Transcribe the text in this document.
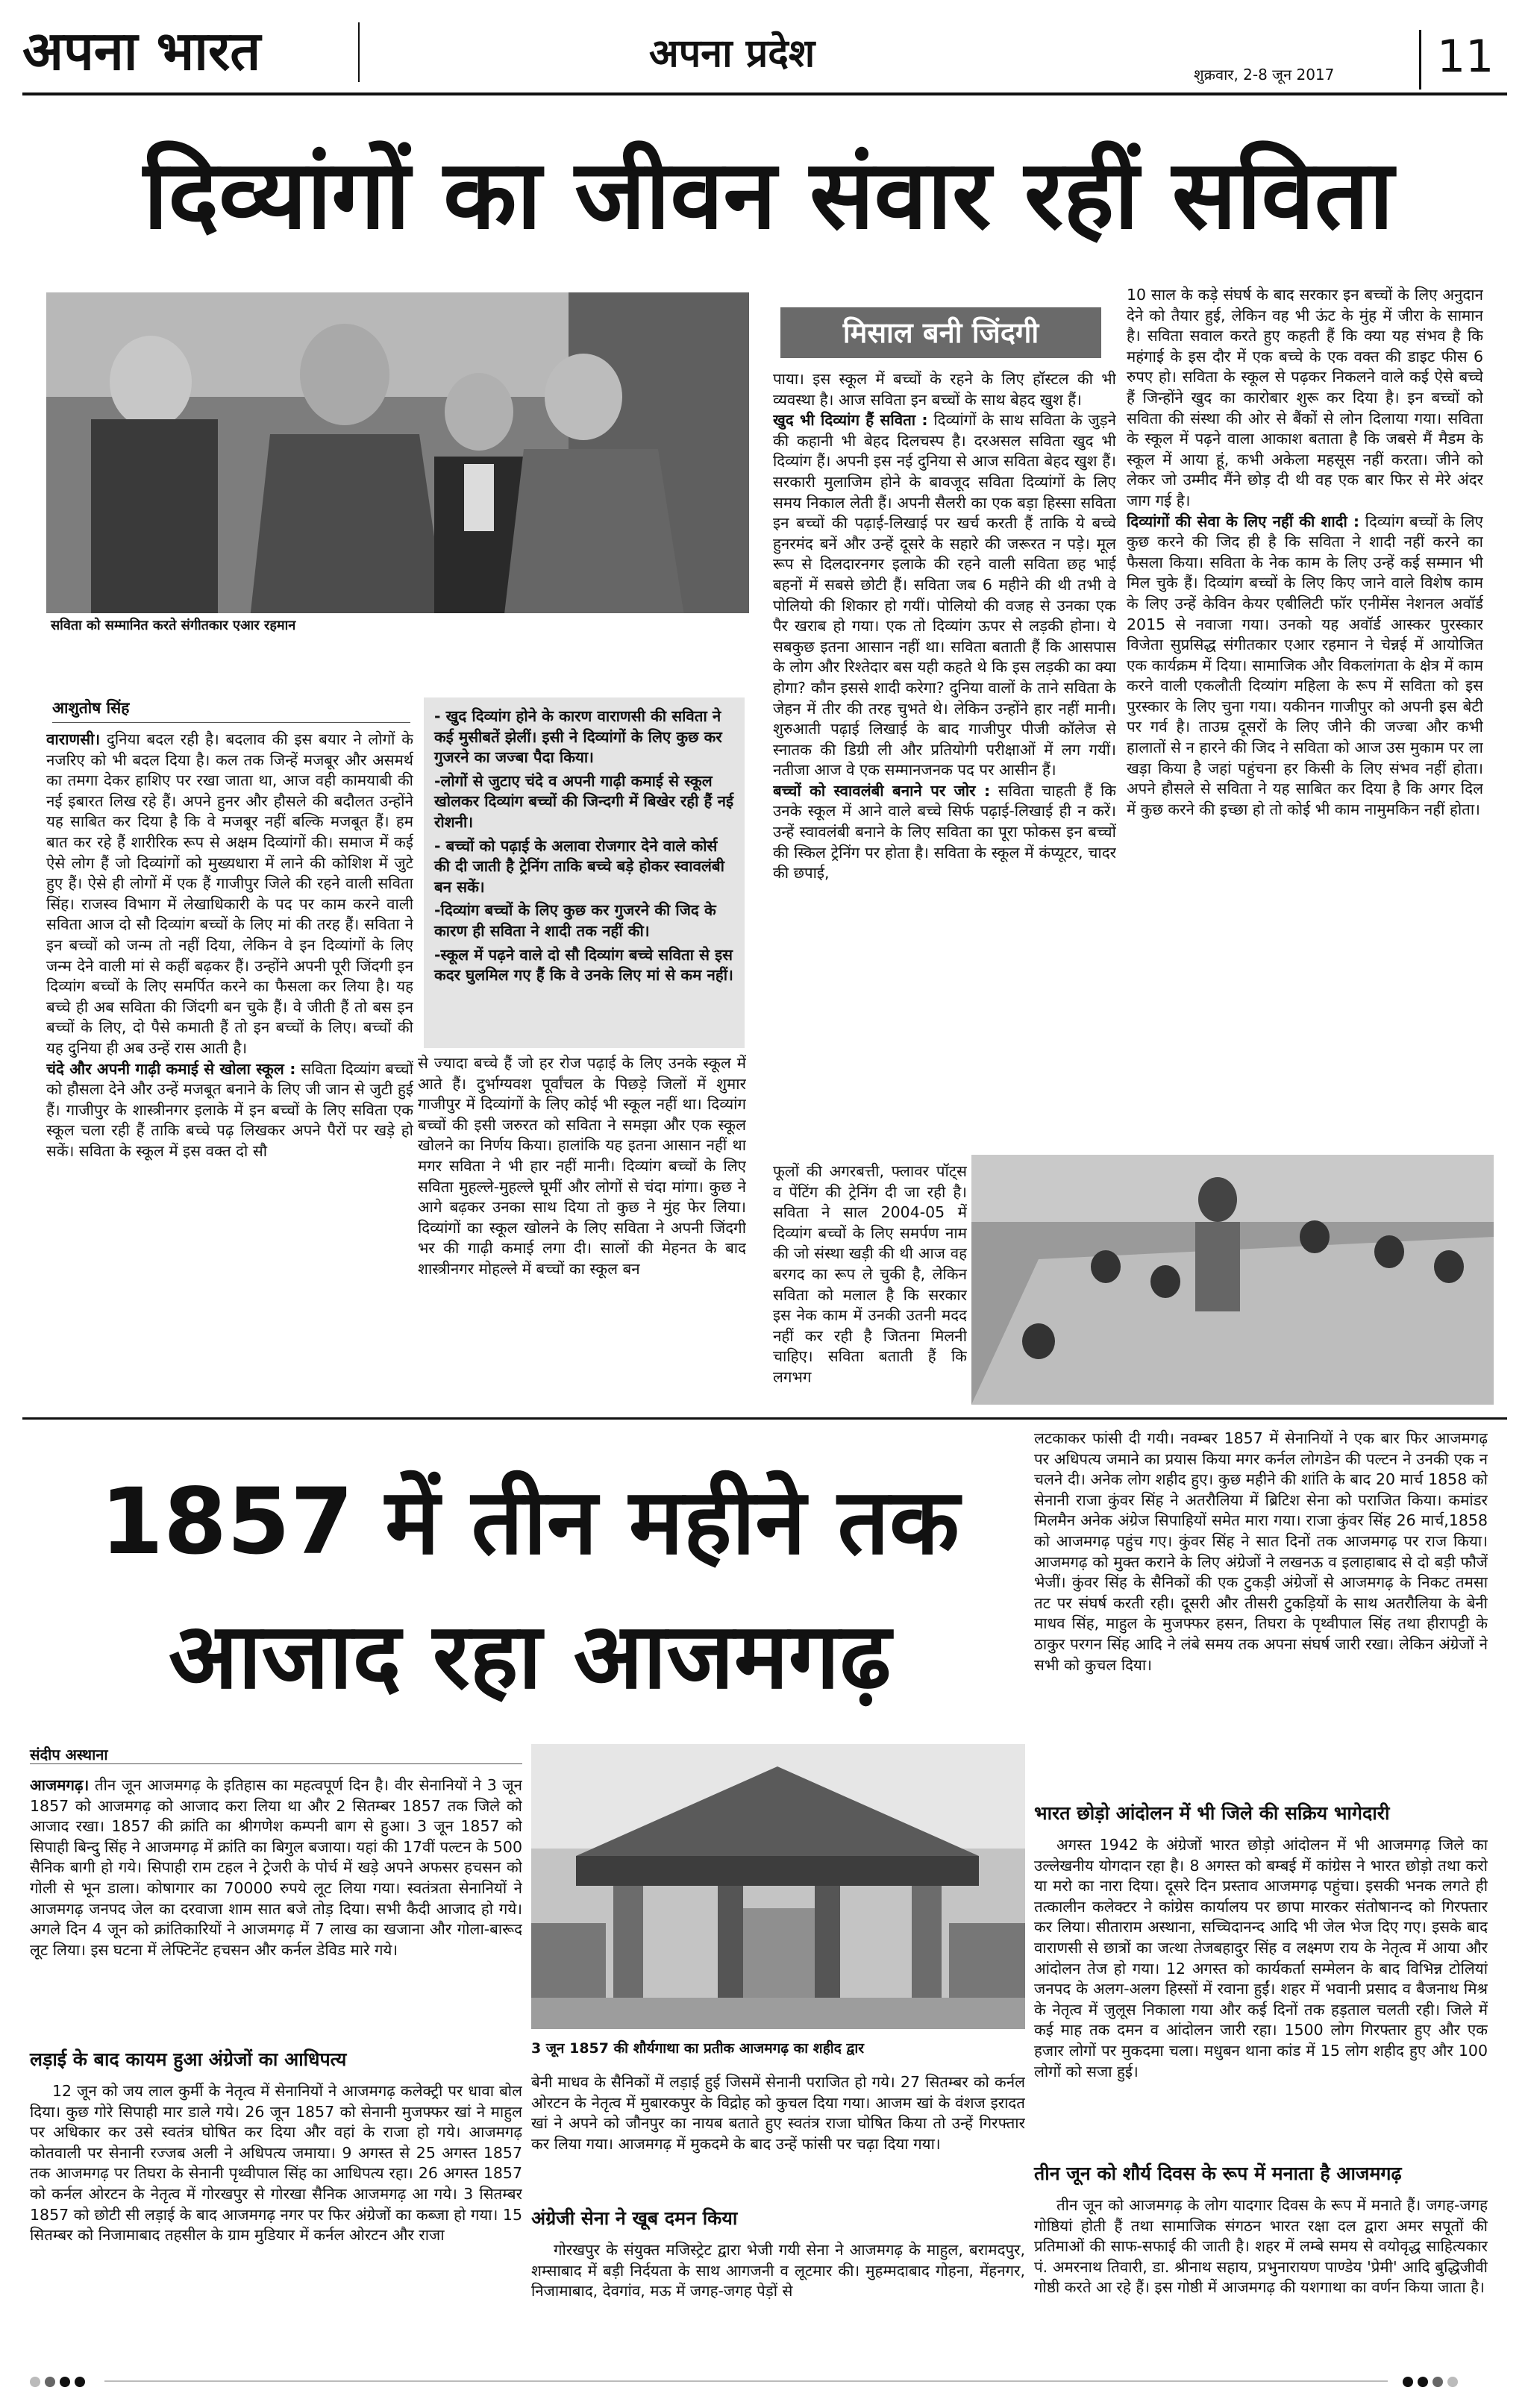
अपना भारत	अपना प्रदेश	शुक्रवार, 2-8 जून 2017 11
दिव्यांगों का जीवन संवार रहीं सविता
सविता को सम्मानित करते संगीतकार एआर रहमान
आशुतोष सिंह

वाराणसी। दुनिया बदल रही है। बदलाव की इस बयार ने लोगों के नजरिए को भी बदल दिया है। कल तक जिन्हें मजबूर और असमर्थ का तमगा देकर हाशिए पर रखा जाता था, आज वही कामयाबी की नई इबारत लिख रहे हैं। अपने हुनर और हौसले की बदौलत उन्होंने यह साबित कर दिया है कि वे मजबूर नहीं बल्कि मजबूत हैं। हम बात कर रहे हैं शारीरिक रूप से अक्षम दिव्यांगों की। समाज में कई ऐसे लोग हैं जो दिव्यांगों को मुख्यधारा में लाने की कोशिश में जुटे हुए हैं। ऐसे ही लोगों में एक हैं गाजीपुर जिले की रहने वाली सविता सिंह। राजस्व विभाग में लेखाधिकारी के पद पर काम करने वाली सविता आज दो सौ दिव्यांग बच्चों के लिए मां की तरह हैं। सविता ने इन बच्चों को जन्म तो नहीं दिया, लेकिन वे इन दिव्यांगों के लिए जन्म देने वाली मां से कहीं बढ़कर हैं। उन्होंने अपनी पूरी जिंदगी इन दिव्यांग बच्चों के लिए समर्पित करने का फैसला कर लिया है। यह बच्चे ही अब सविता की जिंदगी बन चुके हैं। वे जीती हैं तो बस इन बच्चों के लिए, दो पैसे कमाती हैं तो इन बच्चों के लिए। बच्चों की यह दुनिया ही अब उन्हें रास आती है।

चंदे और अपनी गाढ़ी कमाई से खोला स्कूल : सविता दिव्यांग बच्चों को हौसला देने और उन्हें मजबूत बनाने के लिए जी जान से जुटी हुई हैं। गाजीपुर के शास्त्रीनगर इलाके में इन बच्चों के लिए सविता एक स्कूल चला रही हैं ताकि बच्चे पढ़ लिखकर अपने पैरों पर खड़े हो सकें। सविता के स्कूल में इस वक्त दो सौ

- खुद दिव्यांग होने के कारण वाराणसी की सविता ने कई मुसीबतें झेलीं। इसी ने दिव्यांगों के लिए कुछ कर गुजरने का जज्बा पैदा किया।
-लोगों से जुटाए चंदे व अपनी गाढ़ी कमाई से स्कूल खोलकर दिव्यांग बच्चों की जिन्दगी में बिखेर रही हैं नई रोशनी।
- बच्चों को पढ़ाई के अलावा रोजगार देने वाले कोर्स की दी जाती है ट्रेनिंग ताकि बच्चे बड़े होकर स्वावलंबी बन सकें।
-दिव्यांग बच्चों के लिए कुछ कर गुजरने की जिद के कारण ही सविता ने शादी तक नहीं की।
-स्कूल में पढ़ने वाले दो सौ दिव्यांग बच्चे सविता से इस कदर घुलमिल गए हैं कि वे उनके लिए मां से कम नहीं।

से ज्यादा बच्चे हैं जो हर रोज पढ़ाई के लिए उनके स्कूल में आते हैं। दुर्भाग्यवश पूर्वांचल के पिछड़े जिलों में शुमार गाजीपुर में दिव्यांगों के लिए कोई भी स्कूल नहीं था। दिव्यांग बच्चों की इसी जरुरत को सविता ने समझा और एक स्कूल खोलने का निर्णय किया। हालांकि यह इतना आसान नहीं था मगर सविता ने भी हार नहीं मानी। दिव्यांग बच्चों के लिए सविता मुहल्ले-मुहल्ले घूमीं और लोगों से चंदा मांगा। कुछ ने आगे बढ़कर उनका साथ दिया तो कुछ ने मुंह फेर लिया। दिव्यांगों का स्कूल खोलने के लिए सविता ने अपनी जिंदगी भर की गाढ़ी कमाई लगा दी। सालों की मेहनत के बाद शास्त्रीनगर मोहल्ले में बच्चों का स्कूल बन

मिसाल बनी जिंदगी

पाया। इस स्कूल में बच्चों के रहने के लिए हॉस्टल की भी व्यवस्था है। आज सविता इन बच्चों के साथ बेहद खुश हैं।

खुद भी दिव्यांग हैं सविता : दिव्यांगों के साथ सविता के जुड़ने की कहानी भी बेहद दिलचस्प है। दरअसल सविता खुद भी दिव्यांग हैं। अपनी इस नई दुनिया से आज सविता बेहद खुश हैं। सरकारी मुलाजिम होने के बावजूद सविता दिव्यांगों के लिए समय निकाल लेती हैं। अपनी सैलरी का एक बड़ा हिस्सा सविता इन बच्चों की पढ़ाई-लिखाई पर खर्च करती हैं ताकि ये बच्चे हुनरमंद बनें और उन्हें दूसरे के सहारे की जरूरत न पड़े। मूल रूप से दिलदारनगर इलाके की रहने वाली सविता छह भाई बहनों में सबसे छोटी हैं। सविता जब 6 महीने की थी तभी वे पोलियो की शिकार हो गयीं। पोलियो की वजह से उनका एक पैर खराब हो गया। एक तो दिव्यांग ऊपर से लड़की होना। ये सबकुछ इतना आसान नहीं था। सविता बताती हैं कि आसपास के लोग और रिश्तेदार बस यही कहते थे कि इस लड़की का क्या होगा? कौन इससे शादी करेगा? दुनिया वालों के ताने सविता के जेहन में तीर की तरह चुभते थे। लेकिन उन्होंने हार नहीं मानी। शुरुआती पढ़ाई लिखाई के बाद गाजीपुर पीजी कॉलेज से स्नातक की डिग्री ली और प्रतियोगी परीक्षाओं में लग गयीं। नतीजा आज वे एक सम्मानजनक पद पर आसीन हैं।

बच्चों को स्वावलंबी बनाने पर जोर : सविता चाहती हैं कि उनके स्कूल में आने वाले बच्चे सिर्फ पढ़ाई-लिखाई ही न करें। उन्हें स्वावलंबी बनाने के लिए सविता का पूरा फोकस इन बच्चों की स्किल ट्रेनिंग पर होता है। सविता के स्कूल में कंप्यूटर, चादर की छपाई,

फूलों की अगरबत्ती, फ्लावर पॉट्स व पेंटिंग की ट्रेनिंग दी जा रही है। सविता ने साल 2004-05 में दिव्यांग बच्चों के लिए समर्पण नाम की जो संस्था खड़ी की थी आज वह बरगद का रूप ले चुकी है, लेकिन सविता को मलाल है कि सरकार इस नेक काम में उनकी उतनी मदद नहीं कर रही है जितना मिलनी चाहिए। सविता बताती हैं कि लगभग

10 साल के कड़े संघर्ष के बाद सरकार इन बच्चों के लिए अनुदान देने को तैयार हुई, लेकिन वह भी ऊंट के मुंह में जीरा के सामान है। सविता सवाल करते हुए कहती हैं कि क्या यह संभव है कि महंगाई के इस दौर में एक बच्चे के एक वक्त की डाइट फीस 6 रुपए हो। सविता के स्कूल से पढ़कर निकलने वाले कई ऐसे बच्चे हैं जिन्होंने खुद का कारोबार शुरू कर दिया है। इन बच्चों को सविता की संस्था की ओर से बैंकों से लोन दिलाया गया। सविता के स्कूल में पढ़ने वाला आकाश बताता है कि जबसे मैं मैडम के स्कूल में आया हूं, कभी अकेला महसूस नहीं करता। जीने को लेकर जो उम्मीद मैंने छोड़ दी थी वह एक बार फिर से मेरे अंदर जाग गई है।

दिव्यांगों की सेवा के लिए नहीं की शादी : दिव्यांग बच्चों के लिए कुछ करने की जिद ही है कि सविता ने शादी नहीं करने का फैसला किया। सविता के नेक काम के लिए उन्हें कई सम्मान भी मिल चुके हैं। दिव्यांग बच्चों के लिए किए जाने वाले विशेष काम के लिए उन्हें केविन केयर एबीलिटी फॉर एनीमेंस नेशनल अवॉर्ड 2015 से नवाजा गया। उनको यह अवॉर्ड आस्कर पुरस्कार विजेता सुप्रसिद्ध संगीतकार एआर रहमान ने चेन्नई में आयोजित एक कार्यक्रम में दिया। सामाजिक और विकलांगता के क्षेत्र में काम करने वाली एकलौती दिव्यांग महिला के रूप में सविता को इस पुरस्कार के लिए चुना गया। यकीनन गाजीपुर को अपनी इस बेटी पर गर्व है। ताउम्र दूसरों के लिए जीने की जज्बा और कभी हालातों से न हारने की जिद ने सविता को आज उस मुकाम पर ला खड़ा किया है जहां पहुंचना हर किसी के लिए संभव नहीं होता। अपने हौसले से सविता ने यह साबित कर दिया है कि अगर दिल में कुछ करने की इच्छा हो तो कोई भी काम नामुमकिन नहीं होता।

1857 में तीन महीने तक
आजाद रहा आजमगढ़
संदीप अस्थाना

आजमगढ़। तीन जून आजमगढ़ के इतिहास का महत्वपूर्ण दिन है। वीर सेनानियों ने 3 जून 1857 को आजमगढ़ को आजाद करा लिया था और 2 सितम्बर 1857 तक जिले को आजाद रखा। 1857 की क्रांति का श्रीगणेश कम्पनी बाग से हुआ। 3 जून 1857 को सिपाही बिन्दु सिंह ने आजमगढ़ में क्रांति का बिगुल बजाया। यहां की 17वीं पल्टन के 500 सैनिक बागी हो गये। सिपाही राम टहल ने ट्रेजरी के पोर्च में खड़े अपने अफसर हचसन को गोली से भून डाला। कोषागार का 70000 रुपये लूट लिया गया। स्वतंत्रता सेनानियों ने आजमगढ़ जनपद जेल का दरवाजा शाम सात बजे तोड़ दिया। सभी कैदी आजाद हो गये। अगले दिन 4 जून को क्रांतिकारियों ने आजमगढ़ में 7 लाख का खजाना और गोला-बारूद लूट लिया। इस घटना में लेफ्टिनेंट हचसन और कर्नल डेविड मारे गये।

लड़ाई के बाद कायम हुआ अंग्रेजों का आधिपत्य

12 जून को जय लाल कुर्मी के नेतृत्व में सेनानियों ने आजमगढ़ कलेक्ट्री पर धावा बोल दिया। कुछ गोरे सिपाही मार डाले गये। 26 जून 1857 को सेनानी मुजफ्फर खां ने माहुल पर अधिकार कर उसे स्वतंत्र घोषित कर दिया और वहां के राजा हो गये। आजमगढ़ कोतवाली पर सेनानी रज्जब अली ने अधिपत्य जमाया। 9 अगस्त से 25 अगस्त 1857 तक आजमगढ़ पर तिघरा के सेनानी पृथ्वीपाल सिंह का आधिपत्य रहा। 26 अगस्त 1857 को कर्नल ओरटन के नेतृत्व में गोरखपुर से गोरखा सैनिक आजमगढ़ आ गये। 3 सितम्बर 1857 को छोटी सी लड़ाई के बाद आजमगढ़ नगर पर फिर अंग्रेजों का कब्जा हो गया। 15 सितम्बर को निजामाबाद तहसील के ग्राम मुडियार में कर्नल ओरटन और राजा

3 जून 1857 की शौर्यगाथा का प्रतीक आजमगढ़ का शहीद द्वार

बेनी माधव के सैनिकों में लड़ाई हुई जिसमें सेनानी पराजित हो गये। 27 सितम्बर को कर्नल ओरटन के नेतृत्व में मुबारकपुर के विद्रोह को कुचल दिया गया। आजम खां के वंशज इरादत खां ने अपने को जौनपुर का नायब बताते हुए स्वतंत्र राजा घोषित किया तो उन्हें गिरफ्तार कर लिया गया। आजमगढ़ में मुकदमे के बाद उन्हें फांसी पर चढ़ा दिया गया।

अंग्रेजी सेना ने खूब दमन किया

गोरखपुर के संयुक्त मजिस्ट्रेट द्वारा भेजी गयी सेना ने आजमगढ़ के माहुल, बरामदपुर, शम्साबाद में बड़ी निर्दयता के साथ आगजनी व लूटमार की। मुहम्मदाबाद गोहना, मेंहनगर, निजामाबाद, देवगांव, मऊ में जगह-जगह पेड़ों से

लटकाकर फांसी दी गयी। नवम्बर 1857 में सेनानियों ने एक बार फिर आजमगढ़ पर अधिपत्य जमाने का प्रयास किया मगर कर्नल लोगडेन की पल्टन ने उनकी एक न चलने दी। अनेक लोग शहीद हुए। कुछ महीने की शांति के बाद 20 मार्च 1858 को सेनानी राजा कुंवर सिंह ने अतरौलिया में ब्रिटिश सेना को पराजित किया। कमांडर मिलमैन अनेक अंग्रेज सिपाहियों समेत मारा गया। राजा कुंवर सिंह 26 मार्च,1858 को आजमगढ़ पहुंच गए। कुंवर सिंह ने सात दिनों तक आजमगढ़ पर राज किया। आजमगढ़ को मुक्त कराने के लिए अंग्रेजों ने लखनऊ व इलाहाबाद से दो बड़ी फौजें भेजीं। कुंवर सिंह के सैनिकों की एक टुकड़ी अंग्रेजों से आजमगढ़ के निकट तमसा तट पर संघर्ष करती रही। दूसरी और तीसरी टुकड़ियों के साथ अतरौलिया के बेनी माधव सिंह, माहुल के मुजफ्फर हसन, तिघरा के पृथ्वीपाल सिंह तथा हीरापट्टी के ठाकुर परगन सिंह आदि ने लंबे समय तक अपना संघर्ष जारी रखा। लेकिन अंग्रेजों ने सभी को कुचल दिया।

भारत छोड़ो आंदोलन में भी जिले की सक्रिय भागेदारी

अगस्त 1942 के अंग्रेजों भारत छोड़ो आंदोलन में भी आजमगढ़ जिले का उल्लेखनीय योगदान रहा है। 8 अगस्त को बम्बई में कांग्रेस ने भारत छोड़ो तथा करो या मरो का नारा दिया। दूसरे दिन प्रस्ताव आजमगढ़ पहुंचा। इसकी भनक लगते ही तत्कालीन कलेक्टर ने कांग्रेस कार्यालय पर छापा मारकर संतोषानन्द को गिरफ्तार कर लिया। सीताराम अस्थाना, सच्चिदानन्द आदि भी जेल भेज दिए गए। इसके बाद वाराणसी से छात्रों का जत्था तेजबहादुर सिंह व लक्ष्मण राय के नेतृत्व में आया और आंदोलन तेज हो गया। 12 अगस्त को कार्यकर्ता सम्मेलन के बाद विभिन्न टोलियां जनपद के अलग-अलग हिस्सों में रवाना हुईं। शहर में भवानी प्रसाद व बैजनाथ मिश्र के नेतृत्व में जुलूस निकाला गया और कई दिनों तक हड़ताल चलती रही। जिले में कई माह तक दमन व आंदोलन जारी रहा। 1500 लोग गिरफ्तार हुए और एक हजार लोगों पर मुकदमा चला। मधुबन थाना कांड में 15 लोग शहीद हुए और 100 लोगों को सजा हुई।

तीन जून को शौर्य दिवस के रूप में मनाता है आजमगढ़

तीन जून को आजमगढ़ के लोग यादगार दिवस के रूप में मनाते हैं। जगह-जगह गोष्ठियां होती हैं तथा सामाजिक संगठन भारत रक्षा दल द्वारा अमर सपूतों की प्रतिमाओं की साफ-सफाई की जाती है। शहर में लम्बे समय से वयोवृद्ध साहित्यकार पं. अमरनाथ तिवारी, डा. श्रीनाथ सहाय, प्रभुनारायण पाण्डेय 'प्रेमी' आदि बुद्धिजीवी गोष्ठी करते आ रहे हैं। इस गोष्ठी में आजमगढ़ की यशगाथा का वर्णन किया जाता है।
